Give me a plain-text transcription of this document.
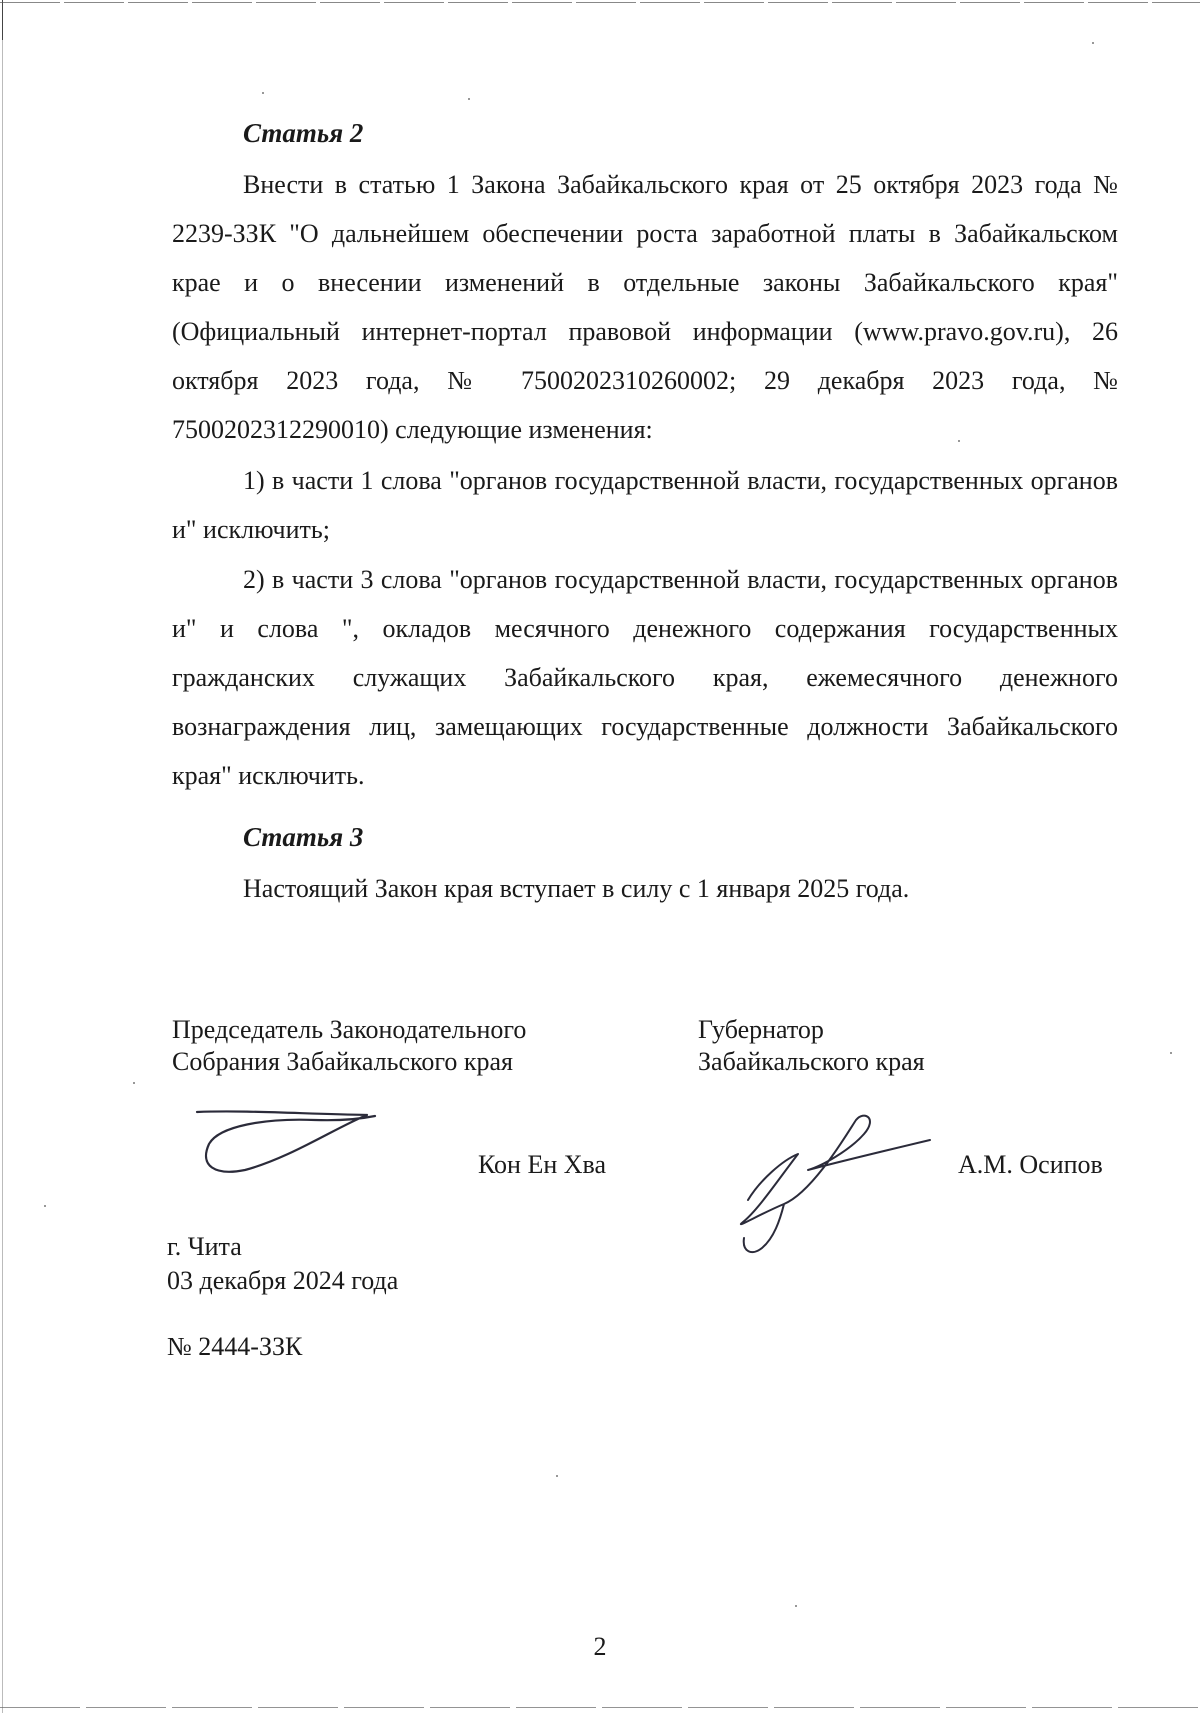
Статья 2

Внести в статью 1 Закона Забайкальского края от 25 октября 2023 года № 2239-ЗЗК "О дальнейшем обеспечении роста заработной платы в Забайкальском крае и о внесении изменений в отдельные законы Забайкальского края" (Официальный интернет-портал правовой информации (www.pravo.gov.ru), 26 октября 2023 года, № 7500202310260002; 29 декабря 2023 года, № 7500202312290010) следующие изменения:

1) в части 1 слова "органов государственной власти, государственных органов и" исключить;

2) в части 3 слова "органов государственной власти, государственных органов и" и слова ", окладов месячного денежного содержания государственных гражданских служащих Забайкальского края, ежемесячного денежного вознаграждения лиц, замещающих государственные должности Забайкальского края" исключить.

Статья 3

Настоящий Закон края вступает в силу с 1 января 2025 года.

Председатель Законодательного

Собрания Забайкальского края

Кон Ен Хва

Губернатор

Забайкальского края

А.М. Осипов

г. Чита

03 декабря 2024 года

№ 2444-ЗЗК

2
